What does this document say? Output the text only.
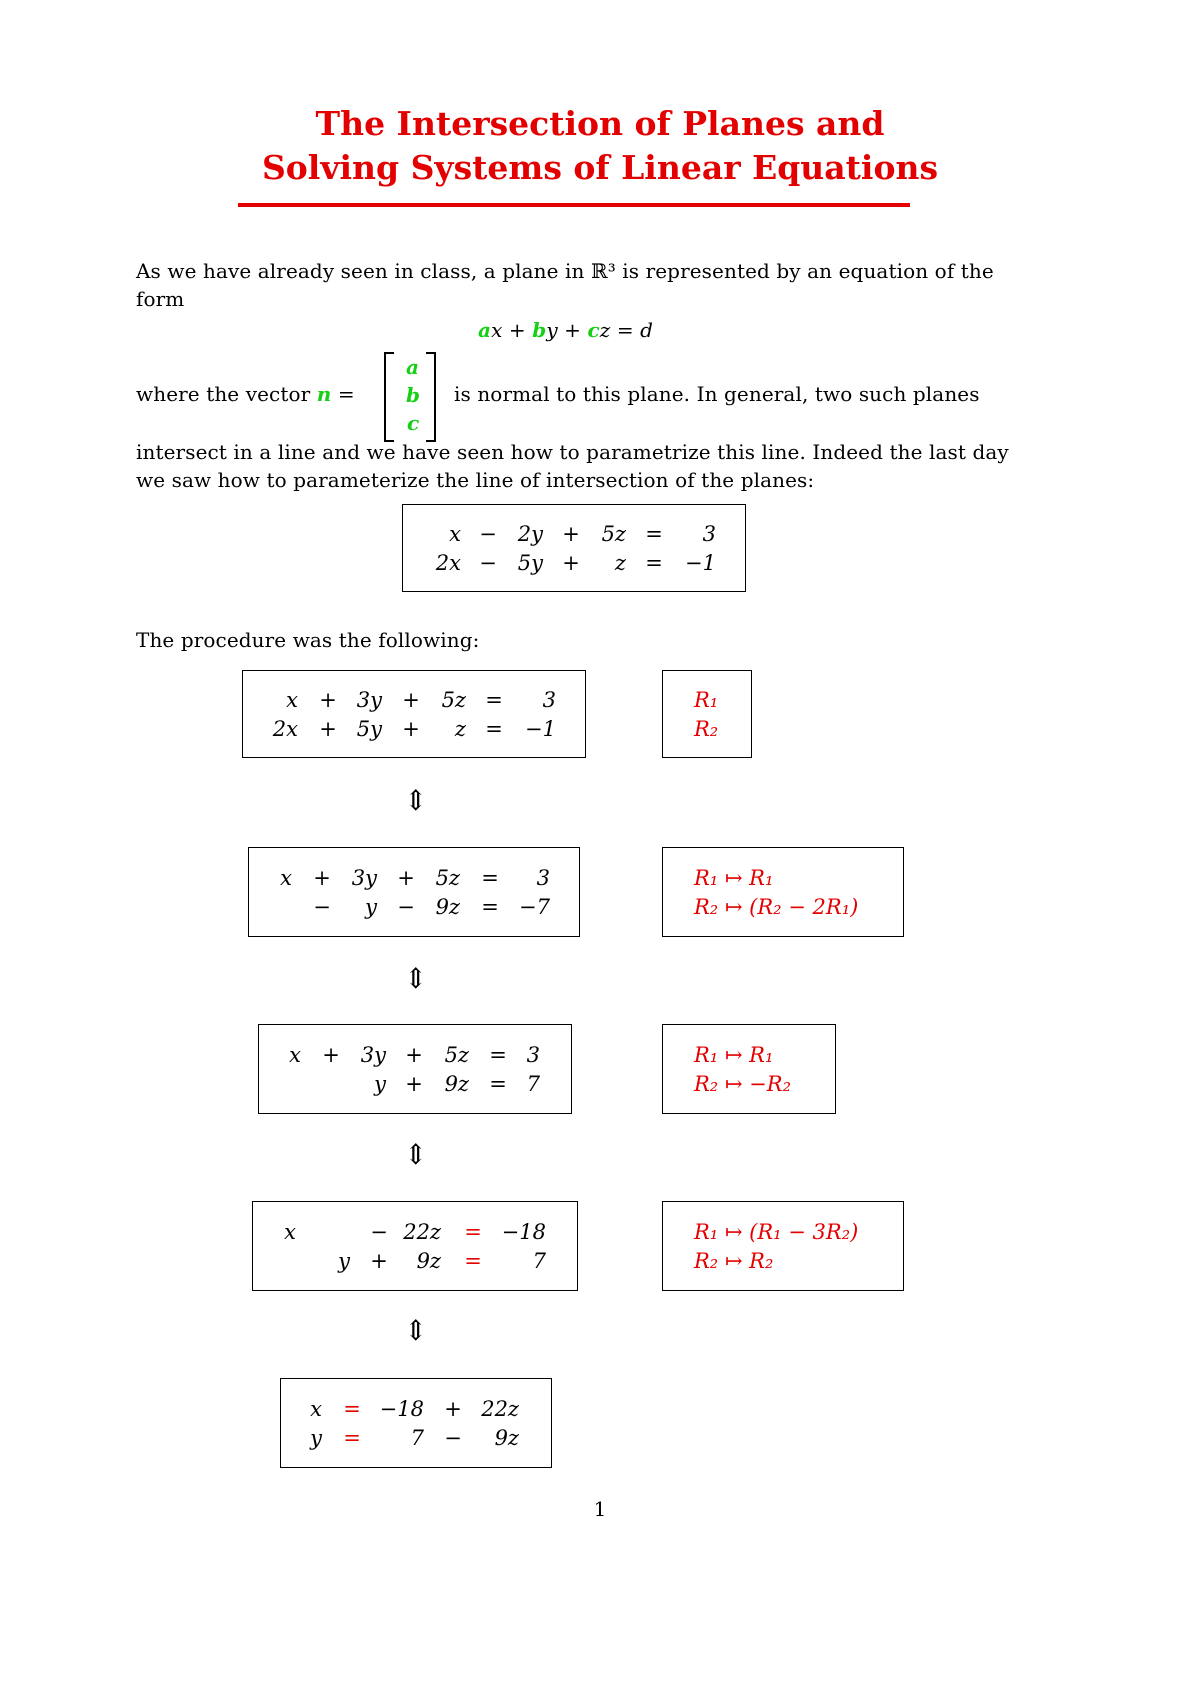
The Intersection of Planes and
Solving Systems of Linear Equations
As we have already seen in class, a plane in ℝ³ is represented by an equation of the
form
ax + by + cz = d
where the vector n =
a
b
c
is normal to this plane. In general, two such planes
intersect in a line and we have seen how to parametrize this line. Indeed the last day
we saw how to parameterize the line of intersection of the planes:
x − 2y + 5z = 3
2x − 5y + z = −1
The procedure was the following:
x + 3y + 5z = 3
2x + 5y + z = −1
R₁
R₂
⇕
x + 3y + 5z = 3
− y − 9z = −7
R₁ ↦ R₁
R₂ ↦ (R₂ − 2R₁)
⇕
x + 3y + 5z = 3
y + 9z = 7
R₁ ↦ R₁
R₂ ↦ −R₂
⇕
x	− 22z = −18
y + 9z = 7
R₁ ↦ (R₁ − 3R₂)
R₂ ↦ R₂
⇕
x = −18 + 22z
y = 7 − 9z
1
